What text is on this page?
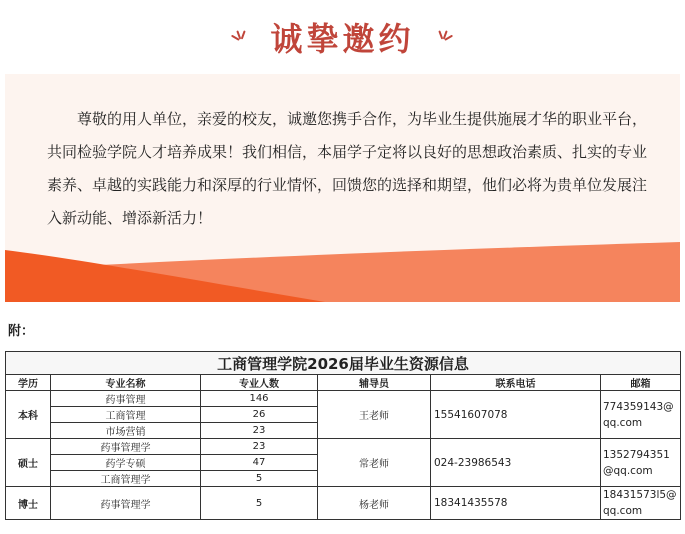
诚挚邀约

尊敬的用人单位，亲爱的校友，诚邀您携手合作，为毕业生提供施展才华的职业平台，共同检验学院人才培养成果！我们相信，本届学子定将以良好的思想政治素质、扎实的专业素养、卓越的实践能力和深厚的行业情怀，回馈您的选择和期望，他们必将为贵单位发展注入新动能、增添新活力！

附：
工商管理学院2026届毕业生资源信息					
学历	专业名称	专业人数	辅导员	联系电话	邮箱
本科	药事管理	146	王老师	15541607078	774359143@qq.com
	工商管理	26			
	市场营销	23			
硕士	药事管理学	23	常老师	024-23986543	1352794351@qq.com
	药学专硕	47			
	工商管理学	5			
博士	药事管理学	5	杨老师	18341435578	18431573l5@qq.com
